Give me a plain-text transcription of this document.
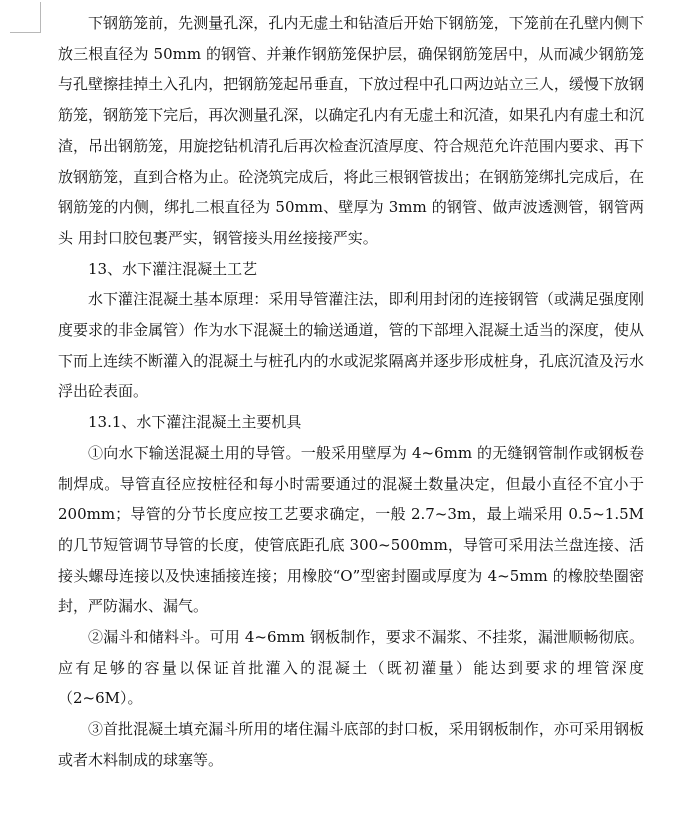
下钢筋笼前，先测量孔深，孔内无虚土和钻渣后开始下钢筋笼，下笼前在孔壁内侧下放三根直径为 50mm 的钢管、并兼作钢筋笼保护层，确保钢筋笼居中，从而减少钢筋笼与孔壁擦挂掉土入孔内，把钢筋笼起吊垂直，下放过程中孔口两边站立三人，缓慢下放钢筋笼，钢筋笼下完后，再次测量孔深，以确定孔内有无虚土和沉渣，如果孔内有虚土和沉渣，吊出钢筋笼，用旋挖钻机清孔后再次检查沉渣厚度、符合规范允许范围内要求、再下放钢筋笼，直到合格为止。砼浇筑完成后，将此三根钢管拔出；在钢筋笼绑扎完成后，在钢筋笼的内侧，绑扎二根直径为 50mm、壁厚为 3mm 的钢管、做声波透测管，钢管两头 用封口胶包裹严实，钢管接头用丝接接严实。

13、水下灌注混凝土工艺

水下灌注混凝土基本原理：采用导管灌注法，即利用封闭的连接钢管（或满足强度刚度要求的非金属管）作为水下混凝土的输送通道，管的下部埋入混凝土适当的深度，使从下而上连续不断灌入的混凝土与桩孔内的水或泥浆隔离并逐步形成桩身，孔底沉渣及污水浮出砼表面。

13.1、水下灌注混凝土主要机具

①向水下输送混凝土用的导管。一般采用壁厚为 4~6mm 的无缝钢管制作或钢板卷制焊成。导管直径应按桩径和每小时需要通过的混凝土数量决定，但最小直径不宜小于 200mm；导管的分节长度应按工艺要求确定，一般 2.7~3m，最上端采用 0.5~1.5M 的几节短管调节导管的长度，使管底距孔底 300~500mm，导管可采用法兰盘连接、活接头螺母连接以及快速插接连接；用橡胶“O”型密封圈或厚度为 4~5mm 的橡胶垫圈密封，严防漏水、漏气。

②漏斗和储料斗。可用 4~6mm 钢板制作，要求不漏浆、不挂浆，漏泄顺畅彻底。应有足够的容量以保证首批灌入的混凝土（既初灌量）能达到要求的埋管深度（2~6M）。

③首批混凝土填充漏斗所用的堵住漏斗底部的封口板，采用钢板制作，亦可采用钢板或者木料制成的球塞等。
